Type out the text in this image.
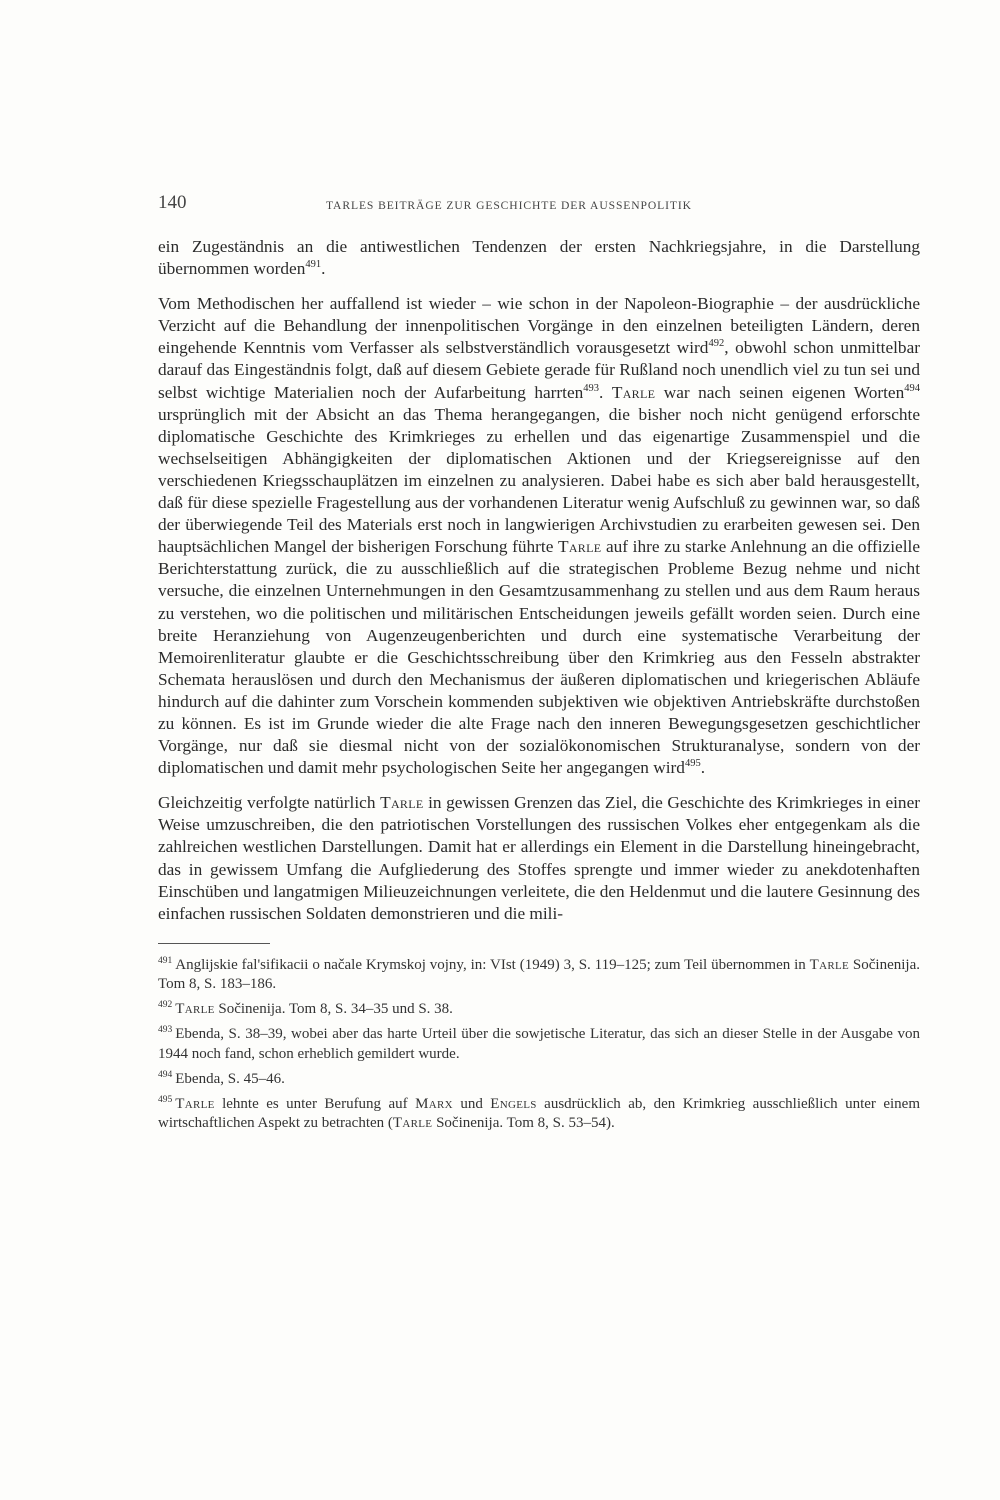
140	TARLES BEITRÄGE ZUR GESCHICHTE DER AUSSENPOLITIK

ein Zugeständnis an die antiwestlichen Tendenzen der ersten Nachkriegsjahre, in die Darstellung übernommen worden$^{491}$.

Vom Methodischen her auffallend ist wieder – wie schon in der Napoleon-Biographie – der ausdrückliche Verzicht auf die Behandlung der innenpolitischen Vorgänge in den einzelnen beteiligten Ländern, deren eingehende Kenntnis vom Verfasser als selbstverständlich vorausgesetzt wird$^{492}$, obwohl schon unmittelbar darauf das Eingeständnis folgt, daß auf diesem Gebiete gerade für Rußland noch unendlich viel zu tun sei und selbst wichtige Materialien noch der Aufarbeitung harrten$^{493}$. Tarle war nach seinen eigenen Worten$^{494}$ ursprünglich mit der Absicht an das Thema herangegangen, die bisher noch nicht genügend erforschte diplomatische Geschichte des Krimkrieges zu erhellen und das eigenartige Zusammenspiel und die wechselseitigen Abhängigkeiten der diplomatischen Aktionen und der Kriegsereignisse auf den verschiedenen Kriegsschauplätzen im einzelnen zu analysieren. Dabei habe es sich aber bald herausgestellt, daß für diese spezielle Fragestellung aus der vorhandenen Literatur wenig Aufschluß zu gewinnen war, so daß der überwiegende Teil des Materials erst noch in langwierigen Archivstudien zu erarbeiten gewesen sei. Den hauptsächlichen Mangel der bisherigen Forschung führte Tarle auf ihre zu starke Anlehnung an die offizielle Berichterstattung zurück, die zu ausschließlich auf die strategischen Probleme Bezug nehme und nicht versuche, die einzelnen Unternehmungen in den Gesamtzusammenhang zu stellen und aus dem Raum heraus zu verstehen, wo die politischen und militärischen Entscheidungen jeweils gefällt worden seien. Durch eine breite Heranziehung von Augenzeugenberichten und durch eine systematische Verarbeitung der Memoirenliteratur glaubte er die Geschichtsschreibung über den Krimkrieg aus den Fesseln abstrakter Schemata herauslösen und durch den Mechanismus der äußeren diplomatischen und kriegerischen Abläufe hindurch auf die dahinter zum Vorschein kommenden subjektiven wie objektiven Antriebskräfte durchstoßen zu können. Es ist im Grunde wieder die alte Frage nach den inneren Bewegungsgesetzen geschichtlicher Vorgänge, nur daß sie diesmal nicht von der sozialökonomischen Strukturanalyse, sondern von der diplomatischen und damit mehr psychologischen Seite her angegangen wird$^{495}$.

Gleichzeitig verfolgte natürlich Tarle in gewissen Grenzen das Ziel, die Geschichte des Krimkrieges in einer Weise umzuschreiben, die den patriotischen Vorstellungen des russischen Volkes eher entgegenkam als die zahlreichen westlichen Darstellungen. Damit hat er allerdings ein Element in die Darstellung hineingebracht, das in gewissem Umfang die Aufgliederung des Stoffes sprengte und immer wieder zu anekdotenhaften Einschüben und langatmigen Milieuzeichnungen verleitete, die den Heldenmut und die lautere Gesinnung des einfachen russischen Soldaten demonstrieren und die mili-

$^{491}$ Anglijskie fal'sifikacii o načale Krymskoj vojny, in: VIst (1949) 3, S. 119–125; zum Teil übernommen in Tarle Sočinenija. Tom 8, S. 183–186.

$^{492}$ Tarle Sočinenija. Tom 8, S. 34–35 und S. 38.

$^{493}$ Ebenda, S. 38–39, wobei aber das harte Urteil über die sowjetische Literatur, das sich an dieser Stelle in der Ausgabe von 1944 noch fand, schon erheblich gemildert wurde.

$^{494}$ Ebenda, S. 45–46.

$^{495}$ Tarle lehnte es unter Berufung auf Marx und Engels ausdrücklich ab, den Krimkrieg ausschließlich unter einem wirtschaftlichen Aspekt zu betrachten (Tarle Sočinenija. Tom 8, S. 53–54).
